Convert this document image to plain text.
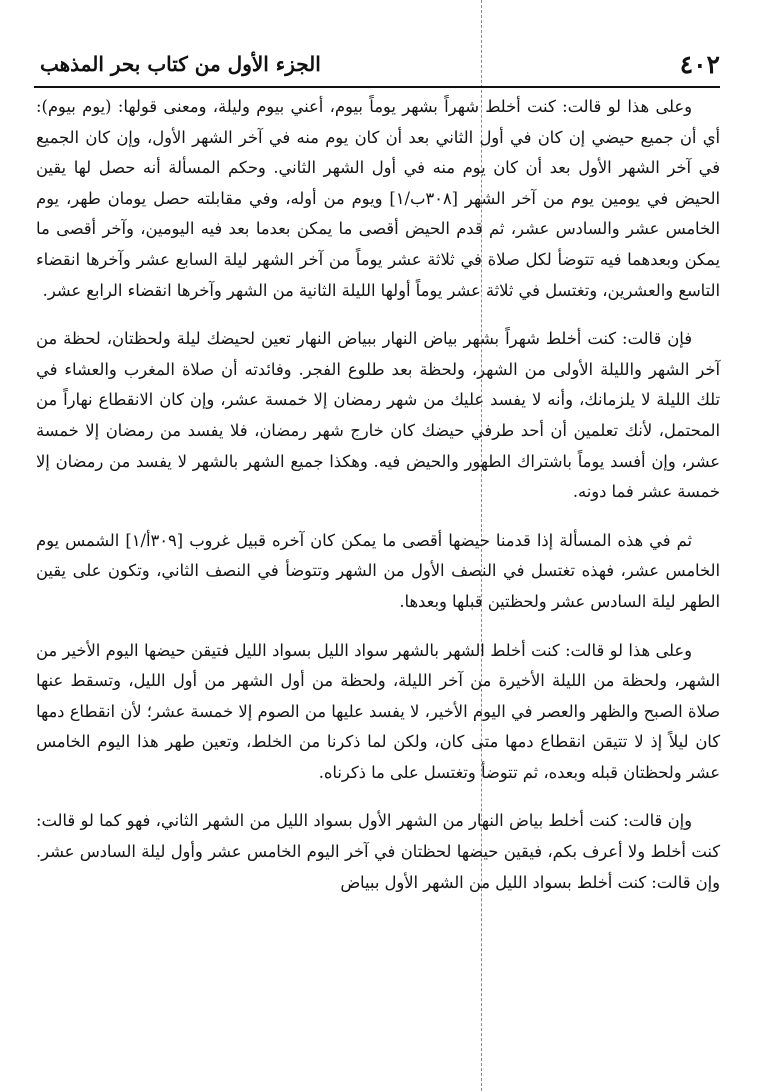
٤٠٢
الجزء الأول من كتاب بحر المذهب

وعلى هذا لو قالت: كنت أخلط شهراً بشهر يوماً بيوم، أعني بيوم وليلة، ومعنى قولها: (يوم بيوم): أي أن جميع حيضي إن كان في أول الثاني بعد أن كان يوم منه في آخر الشهر الأول، وإن كان الجميع في آخر الشهر الأول بعد أن كان يوم منه في أول الشهر الثاني. وحكم المسألة أنه حصل لها يقين الحيض في يومين يوم من آخر الشهر [٣٠٨ب/١] ويوم من أوله، وفي مقابلته حصل يومان طهر، يوم الخامس عشر والسادس عشر، ثم قدم الحيض أقصى ما يمكن بعدما بعد فيه اليومين، وآخر أقصى ما يمكن وبعدهما فيه تتوضأ لكل صلاة في ثلاثة عشر يوماً من آخر الشهر ليلة السابع عشر وآخرها انقضاء التاسع والعشرين، وتغتسل في ثلاثة عشر يوماً أولها الليلة الثانية من الشهر وآخرها انقضاء الرابع عشر.

فإن قالت: كنت أخلط شهراً بشهر بياض النهار ببياض النهار تعين لحيضك ليلة ولحظتان، لحظة من آخر الشهر والليلة الأولى من الشهر، ولحظة بعد طلوع الفجر. وفائدته أن صلاة المغرب والعشاء في تلك الليلة لا يلزمانك، وأنه لا يفسد عليك من شهر رمضان إلا خمسة عشر، وإن كان الانقطاع نهاراً من المحتمل، لأنك تعلمين أن أحد طرفي حيضك كان خارج شهر رمضان، فلا يفسد من رمضان إلا خمسة عشر، وإن أفسد يوماً باشتراك الطهور والحيض فيه. وهكذا جميع الشهر بالشهر لا يفسد من رمضان إلا خمسة عشر فما دونه.

ثم في هذه المسألة إذا قدمنا حيضها أقصى ما يمكن كان آخره قبيل غروب [٣٠٩أ/١] الشمس يوم الخامس عشر، فهذه تغتسل في النصف الأول من الشهر وتتوضأ في النصف الثاني، وتكون على يقين الطهر ليلة السادس عشر ولحظتين قبلها وبعدها.

وعلى هذا لو قالت: كنت أخلط الشهر بالشهر سواد الليل بسواد الليل فتيقن حيضها اليوم الأخير من الشهر، ولحظة من الليلة الأخيرة من آخر الليلة، ولحظة من أول الشهر من أول الليل، وتسقط عنها صلاة الصبح والظهر والعصر في اليوم الأخير، لا يفسد عليها من الصوم إلا خمسة عشر؛ لأن انقطاع دمها كان ليلاً إذ لا تتيقن انقطاع دمها متى كان، ولكن لما ذكرنا من الخلط، وتعين طهر هذا اليوم الخامس عشر ولحظتان قبله وبعده، ثم تتوضأ وتغتسل على ما ذكرناه.

وإن قالت: كنت أخلط بياض النهار من الشهر الأول بسواد الليل من الشهر الثاني، فهو كما لو قالت: كنت أخلط ولا أعرف بكم، فيقين حيضها لحظتان في آخر اليوم الخامس عشر وأول ليلة السادس عشر. وإن قالت: كنت أخلط بسواد الليل من الشهر الأول ببياض
